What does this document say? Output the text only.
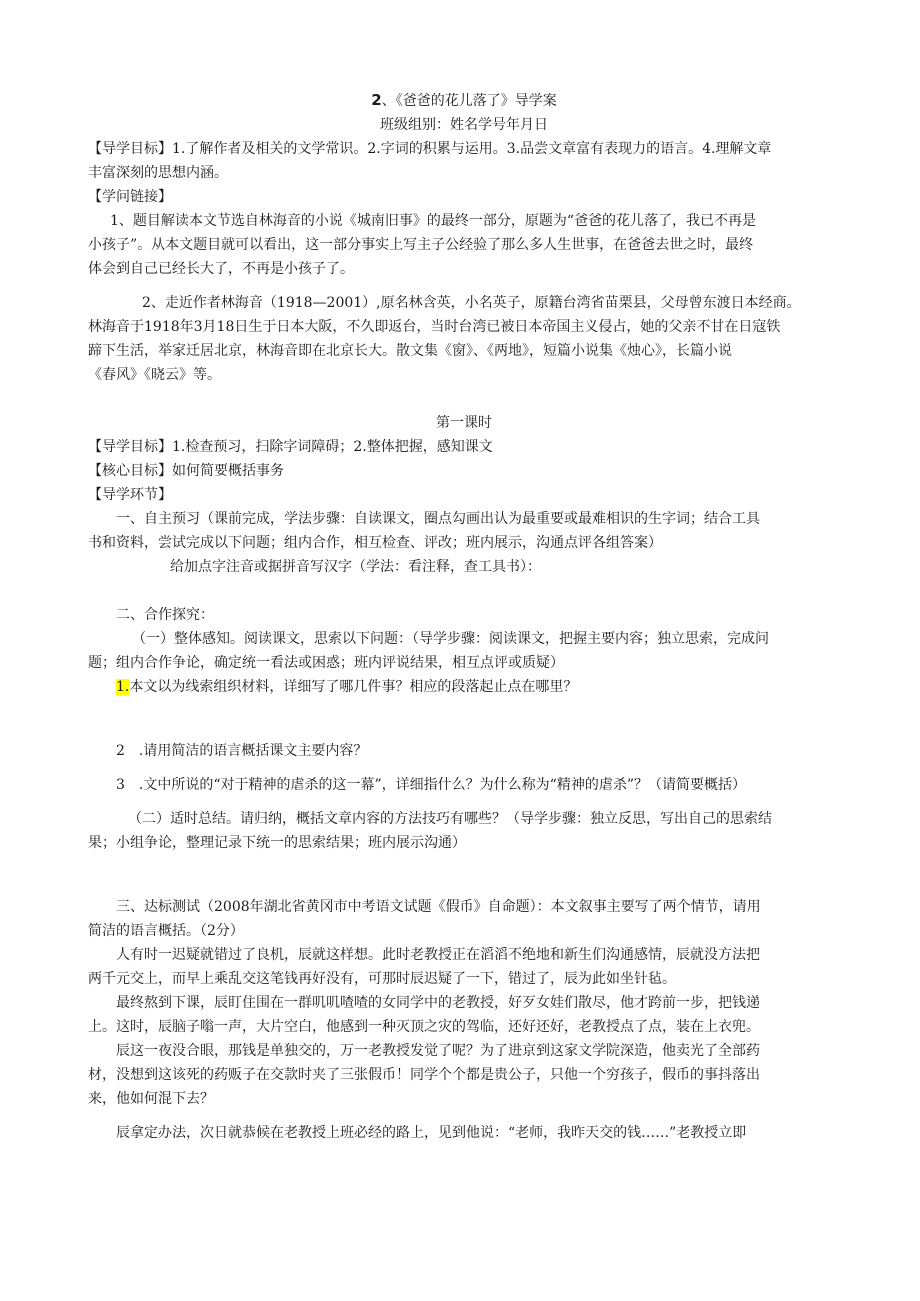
2、《爸爸的花儿落了》导学案
班级组别：姓名学号年月日
【导学目标】1.了解作者及相关的文学常识。2.字词的积累与运用。3.品尝文章富有表现力的语言。4.理解文章
丰富深刻的思想内涵。
【学问链接】
1、题目解读本文节选自林海音的小说《城南旧事》的最终一部分，原题为“爸爸的花儿落了，我已不再是
小孩子”。从本文题目就可以看出，这一部分事实上写主子公经验了那么多人生世事，在爸爸去世之时，最终
体会到自己已经长大了，不再是小孩子了。
2、走近作者林海音（1918—2001）,原名林含英，小名英子，原籍台湾省苗栗县，父母曾东渡日本经商。
林海音于1918年3月18日生于日本大阪，不久即返台，当时台湾已被日本帝国主义侵占，她的父亲不甘在日寇铁
蹄下生活，举家迁居北京，林海音即在北京长大。散文集《窗》、《两地》，短篇小说集《烛心》，长篇小说
《春风》《晓云》等。
第一课时
【导学目标】1.检查预习，扫除字词障碍；2.整体把握，感知课文
【核心目标】如何简要概括事务
【导学环节】
一、自主预习（课前完成，学法步骤：自读课文，圈点勾画出认为最重要或最难相识的生字词；结合工具
书和资料，尝试完成以下问题；组内合作，相互检查、评改；班内展示，沟通点评各组答案）
给加点字注音或据拼音写汉字（学法：看注释，查工具书）：
二、合作探究：
（一）整体感知。阅读课文，思索以下问题：（导学步骤：阅读课文，把握主要内容；独立思索，完成问
题；组内合作争论，确定统一看法或困惑；班内评说结果，相互点评或质疑）
1.本文以为线索组织材料，详细写了哪几件事？相应的段落起止点在哪里？
2　.请用简洁的语言概括课文主要内容？
3　.文中所说的“对于精神的虐杀的这一幕”，详细指什么？为什么称为“精神的虐杀”？（请简要概括）
（二）适时总结。请归纳，概括文章内容的方法技巧有哪些？（导学步骤：独立反思，写出自己的思索结
果；小组争论，整理记录下统一的思索结果；班内展示沟通）
三、达标测试（2008年湖北省黄冈市中考语文试题《假币》自命题）：本文叙事主要写了两个情节，请用
简洁的语言概括。（2分）
人有时一迟疑就错过了良机，辰就这样想。此时老教授正在滔滔不绝地和新生们沟通感情，辰就没方法把
两千元交上，而早上乘乱交这笔钱再好没有，可那时辰迟疑了一下，错过了，辰为此如坐针毡。
最终熬到下课，辰盯住围在一群叽叽喳喳的女同学中的老教授，好歹女娃们散尽，他才跨前一步，把钱递
上。这时，辰脑子嗡一声，大片空白，他感到一种灭顶之灾的驾临，还好还好，老教授点了点，装在上衣兜。
辰这一夜没合眼，那钱是单独交的，万一老教授发觉了呢？为了进京到这家文学院深造，他卖光了全部药
材，没想到这该死的药贩子在交款时夹了三张假币！同学个个都是贵公子，只他一个穷孩子，假币的事抖落出
来，他如何混下去？
辰拿定办法，次日就恭候在老教授上班必经的路上，见到他说：“老师，我昨天交的钱……”老教授立即
